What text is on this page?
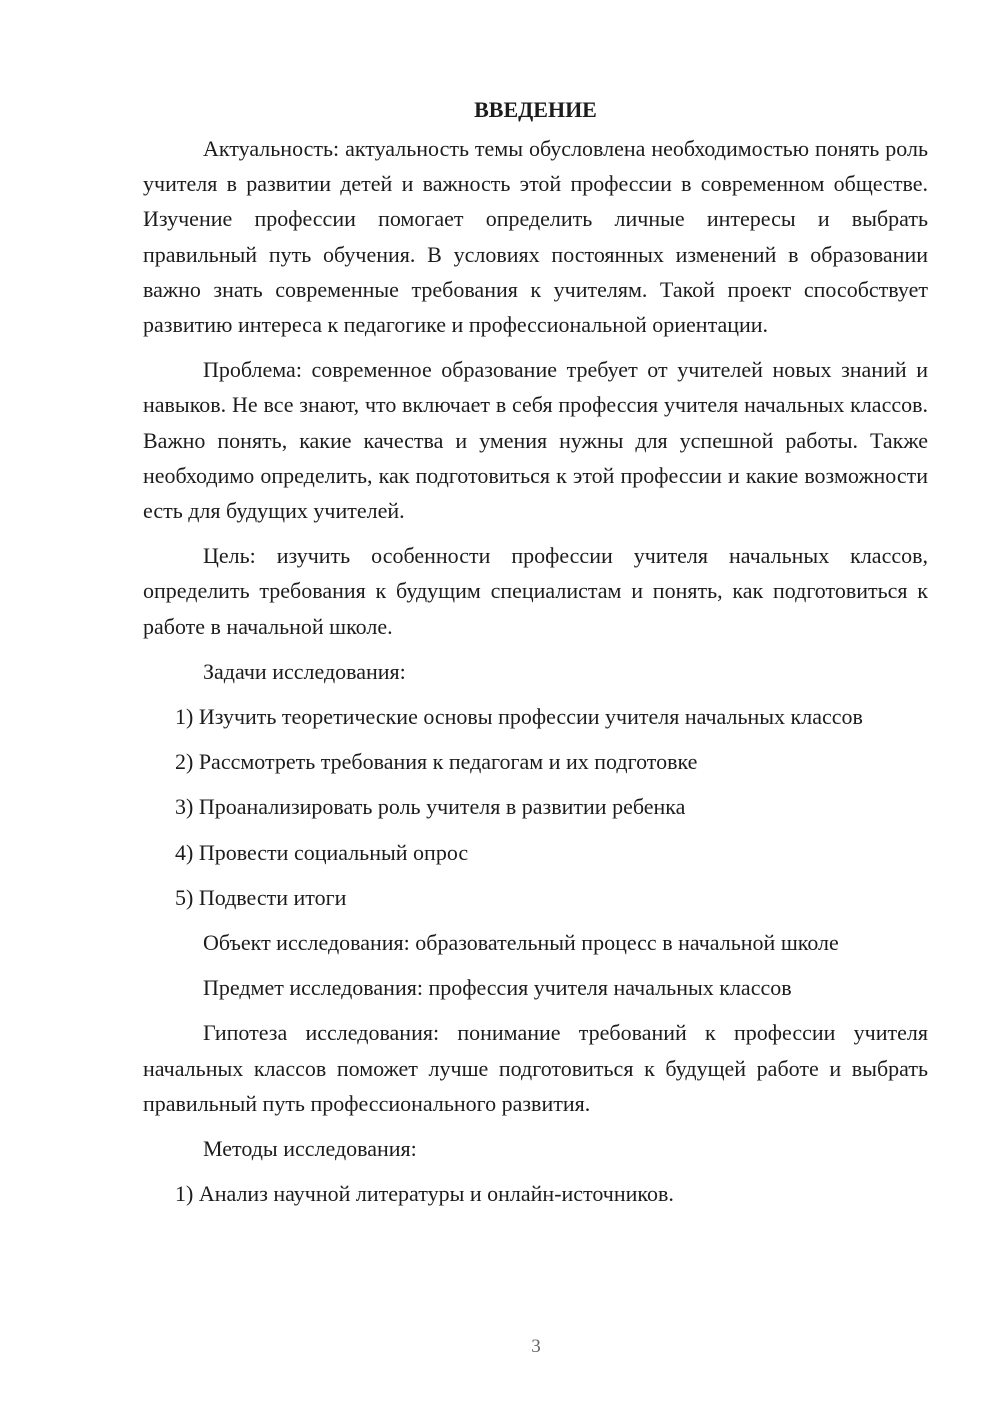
ВВЕДЕНИЕ
Актуальность: актуальность темы обусловлена необходимостью понять роль учителя в развитии детей и важность этой профессии в современном обществе. Изучение профессии помогает определить личные интересы и выбрать правильный путь обучения. В условиях постоянных изменений в образовании важно знать современные требования к учителям. Такой проект способствует развитию интереса к педагогике и профессиональной ориентации.
Проблема: современное образование требует от учителей новых знаний и навыков. Не все знают, что включает в себя профессия учителя начальных классов. Важно понять, какие качества и умения нужны для успешной работы. Также необходимо определить, как подготовиться к этой профессии и какие возможности есть для будущих учителей.
Цель: изучить особенности профессии учителя начальных классов, определить требования к будущим специалистам и понять, как подготовиться к работе в начальной школе.
Задачи исследования:
1) Изучить теоретические основы профессии учителя начальных классов
2) Рассмотреть требования к педагогам и их подготовке
3) Проанализировать роль учителя в развитии ребенка
4) Провести социальный опрос
5) Подвести итоги
Объект исследования: образовательный процесс в начальной школе
Предмет исследования: профессия учителя начальных классов
Гипотеза исследования: понимание требований к профессии учителя начальных классов поможет лучше подготовиться к будущей работе и выбрать правильный путь профессионального развития.
Методы исследования:
1) Анализ научной литературы и онлайн-источников.
3
